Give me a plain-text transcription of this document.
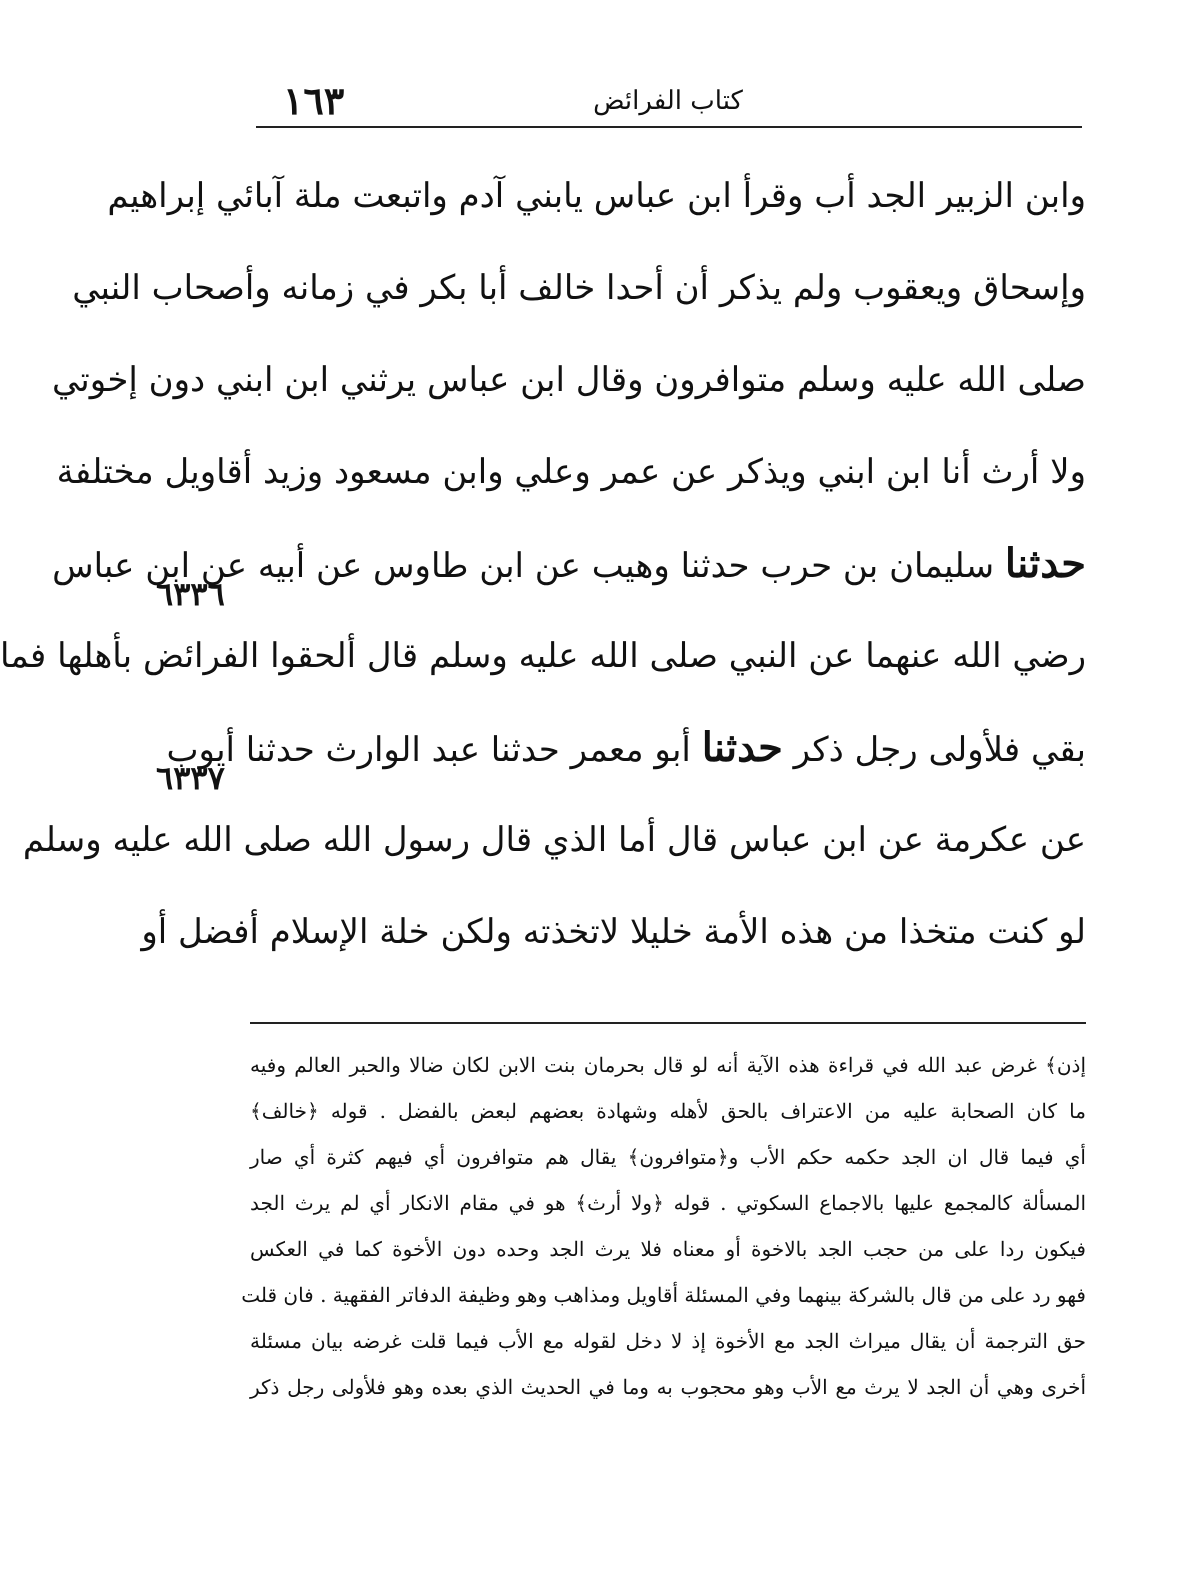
كتاب الفرائض
١٦٣
وابن الزبير الجد أب وقرأ ابن عباس يابني آدم واتبعت ملة آبائي إبراهيم
وإسحاق ويعقوب ولم يذكر أن أحدا خالف أبا بكر في زمانه وأصحاب النبي
صلى الله عليه وسلم متوافرون وقال ابن عباس يرثني ابن ابني دون إخوتي
ولا أرث أنا ابن ابني ويذكر عن عمر وعلي وابن مسعود وزيد أقاويل مختلفة
حدثنا سليمان بن حرب حدثنا وهيب عن ابن طاوس عن أبيه عن ابن عباس
رضي الله عنهما عن النبي صلى الله عليه وسلم قال ألحقوا الفرائض بأهلها فما
بقي فلأولى رجل ذكر حدثنا أبو معمر حدثنا عبد الوارث حدثنا أيوب
عن عكرمة عن ابن عباس قال أما الذي قال رسول الله صلى الله عليه وسلم
لو كنت متخذا من هذه الأمة خليلا لاتخذته ولكن خلة الإسلام أفضل أو
٦٣٣٦
٦٣٣٧
إذن﴾ غرض عبد الله في قراءة هذه الآية أنه لو قال بحرمان بنت الابن لكان ضالا والحبر العالم وفيه
ما كان الصحابة عليه من الاعتراف بالحق لأهله وشهادة بعضهم لبعض بالفضل . قوله ﴿خالف﴾
أي فيما قال ان الجد حكمه حكم الأب و﴿متوافرون﴾ يقال هم متوافرون أي فيهم كثرة أي صار
المسألة كالمجمع عليها بالاجماع السكوتي . قوله ﴿ولا أرث﴾ هو في مقام الانكار أي لم يرث الجد
فيكون ردا على من حجب الجد بالاخوة أو معناه فلا يرث الجد وحده دون الأخوة كما في العكس
فهو رد على من قال بالشركة بينهما وفي المسئلة أقاويل ومذاهب وهو وظيفة الدفاتر الفقهية . فان قلت
حق الترجمة أن يقال ميراث الجد مع الأخوة إذ لا دخل لقوله مع الأب فيما قلت غرضه بيان مسئلة
أخرى وهي أن الجد لا يرث مع الأب وهو محجوب به وما في الحديث الذي بعده وهو فلأولى رجل ذكر
